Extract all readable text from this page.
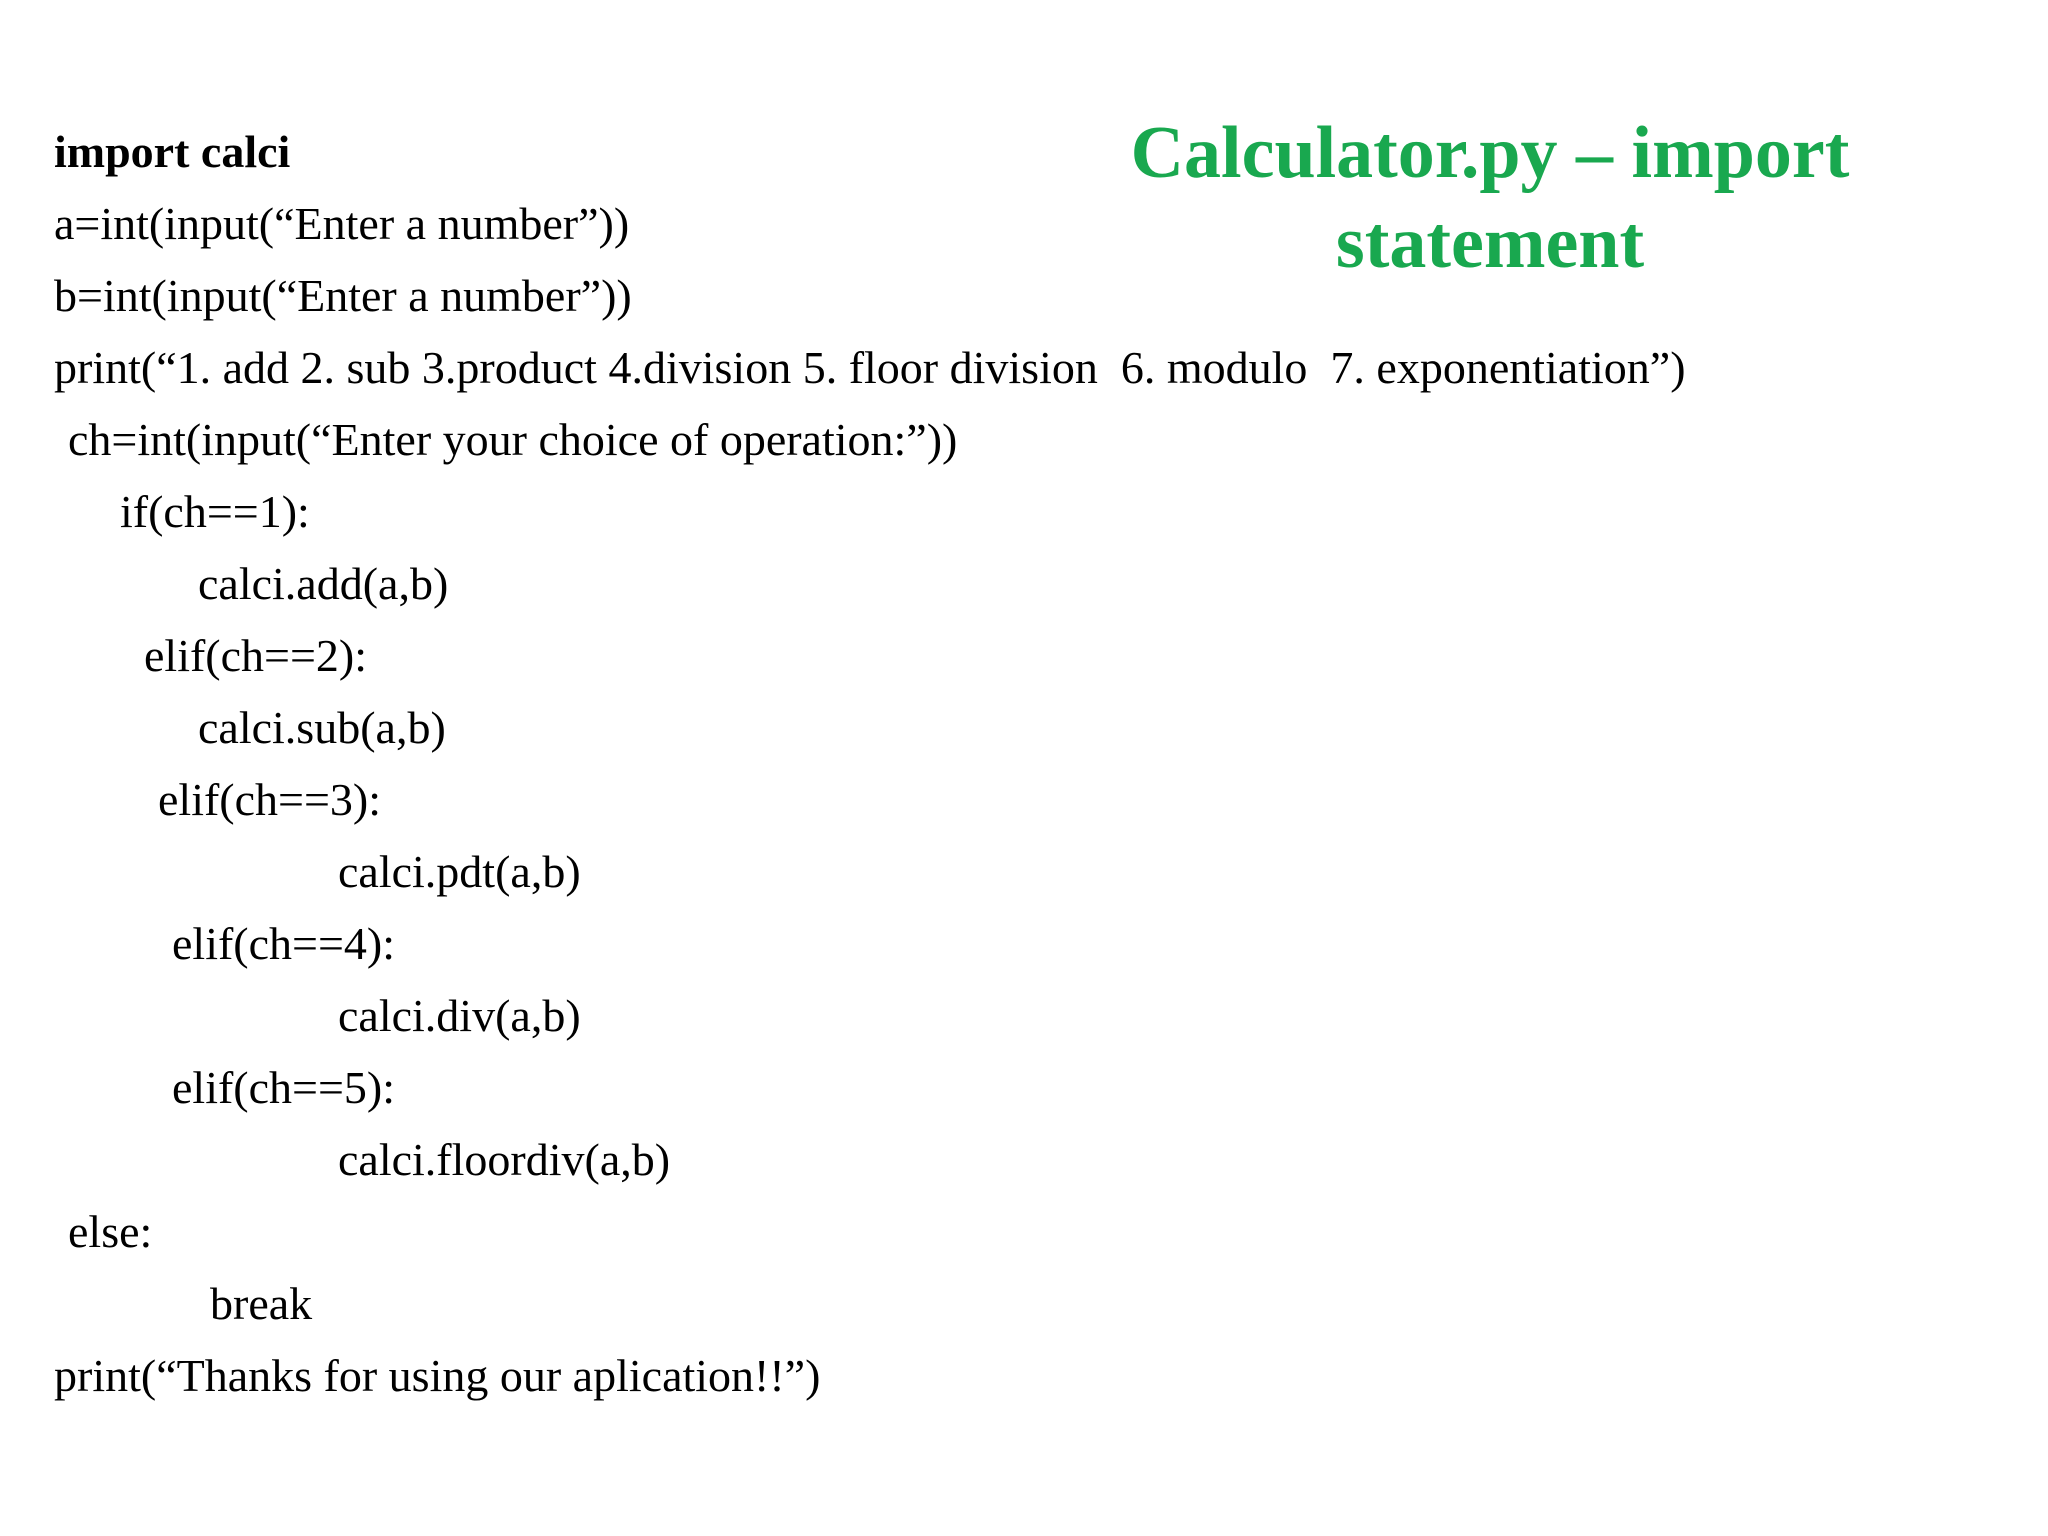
Calculator.py – import
statement
import calci
a=int(input(“Enter a number”))
b=int(input(“Enter a number”))
print(“1. add 2. sub 3.product 4.division 5. floor division  6. modulo  7. exponentiation”)
ch=int(input(“Enter your choice of operation:”))
if(ch==1):
calci.add(a,b)
elif(ch==2):
calci.sub(a,b)
elif(ch==3):
calci.pdt(a,b)
elif(ch==4):
calci.div(a,b)
elif(ch==5):
calci.floordiv(a,b)
else:
break
print(“Thanks for using our aplication!!”)
